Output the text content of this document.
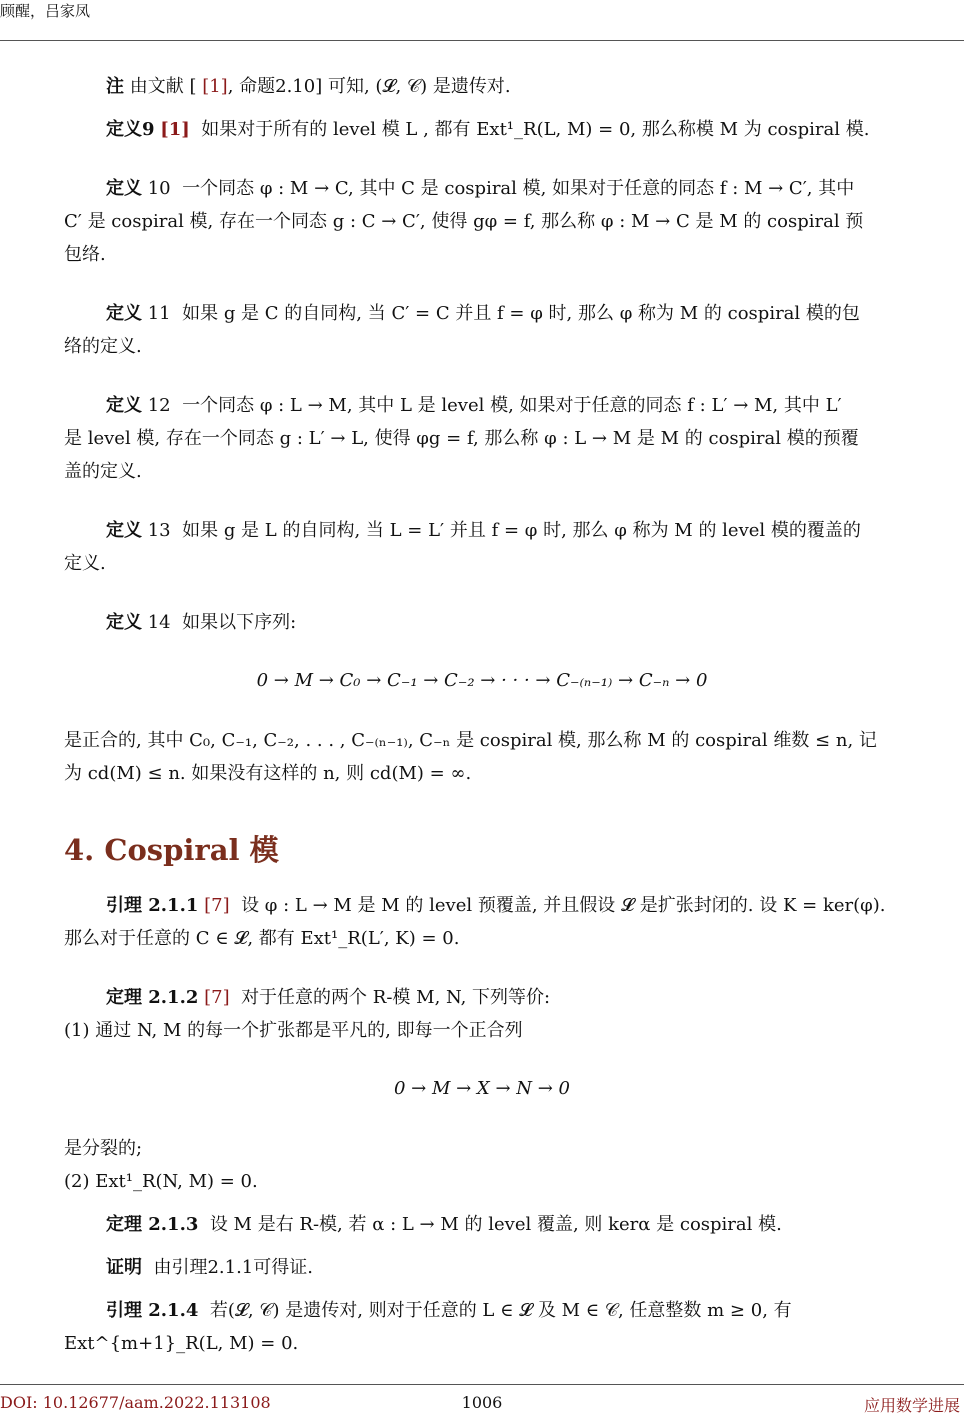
顾醒，吕家凤
注 由文献 [ [1], 命题2.10] 可知, (𝓛, 𝒞) 是遗传对.
定义9 [1] 如果对于所有的 level 模 L , 都有 Ext¹_R(L, M) = 0, 那么称模 M 为 cospiral 模.
定义 10 一个同态 φ : M → C, 其中 C 是 cospiral 模, 如果对于任意的同态 f : M → C′, 其中
C′ 是 cospiral 模, 存在一个同态 g : C → C′, 使得 gφ = f, 那么称 φ : M → C 是 M 的 cospiral 预
包络.
定义 11 如果 g 是 C 的自同构, 当 C′ = C 并且 f = φ 时, 那么 φ 称为 M 的 cospiral 模的包
络的定义.
定义 12 一个同态 φ : L → M, 其中 L 是 level 模, 如果对于任意的同态 f : L′ → M, 其中 L′
是 level 模, 存在一个同态 g : L′ → L, 使得 φg = f, 那么称 φ : L → M 是 M 的 cospiral 模的预覆
盖的定义.
定义 13 如果 g 是 L 的自同构, 当 L = L′ 并且 f = φ 时, 那么 φ 称为 M 的 level 模的覆盖的
定义.
定义 14 如果以下序列:
0 → M → C₀ → C₋₁ → C₋₂ → · · · → C₋₍ₙ₋₁₎ → C₋ₙ → 0
是正合的, 其中 C₀, C₋₁, C₋₂, . . . , C₋₍ₙ₋₁₎, C₋ₙ 是 cospiral 模, 那么称 M 的 cospiral 维数 ≤ n, 记
为 cd(M) ≤ n. 如果没有这样的 n, 则 cd(M) = ∞.
4. Cospiral 模
引理 2.1.1 [7] 设 φ : L → M 是 M 的 level 预覆盖, 并且假设 𝓛 是扩张封闭的. 设 K = ker(φ).
那么对于任意的 C ∈ 𝓛, 都有 Ext¹_R(L′, K) = 0.
定理 2.1.2 [7] 对于任意的两个 R-模 M, N, 下列等价:
(1) 通过 N, M 的每一个扩张都是平凡的, 即每一个正合列
0 → M → X → N → 0
是分裂的;
(2) Ext¹_R(N, M) = 0.
定理 2.1.3 设 M 是右 R-模, 若 α : L → M 的 level 覆盖, 则 kerα 是 cospiral 模.
证明 由引理2.1.1可得证.
引理 2.1.4 若(𝓛, 𝒞) 是遗传对, 则对于任意的 L ∈ 𝓛 及 M ∈ 𝒞, 任意整数 m ≥ 0, 有
Ext^{m+1}_R(L, M) = 0.
DOI: 10.12677/aam.2022.113108	1006	应用数学进展
